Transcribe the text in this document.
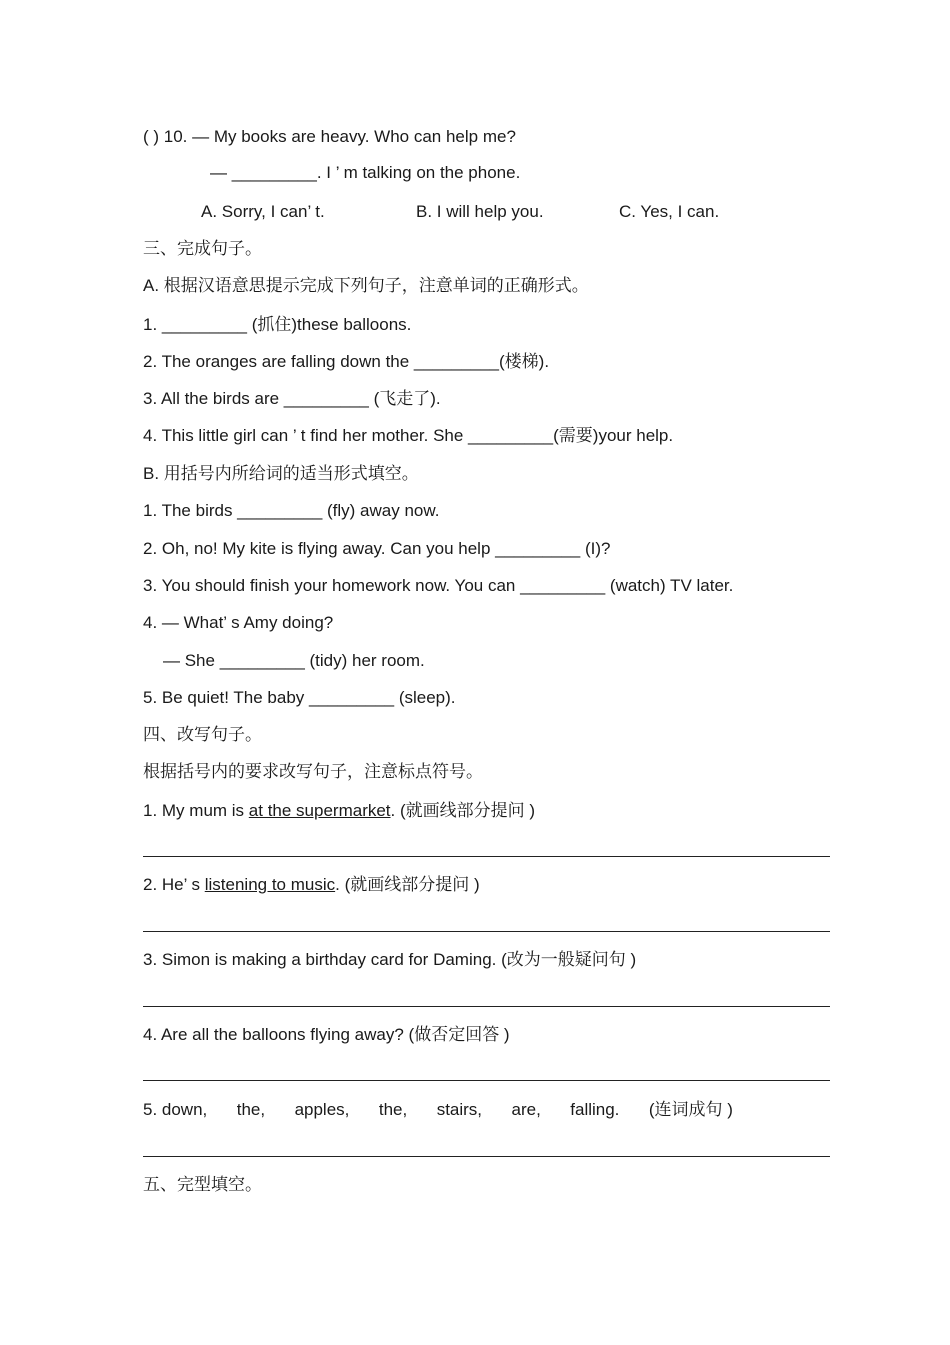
( ) 10. — My books are heavy. Who can help me?
— _________. I ’ m talking on the phone.
A. Sorry, I can’ t.	B. I will help you.	C. Yes, I can.
三、完成句子。
A. 根据汉语意思提示完成下列句子，注意单词的正确形式。
1. _________ (抓住)these balloons.
2. The oranges are falling down the _________(楼梯).
3. All the birds are _________ (飞走了).
4. This little girl can ’ t find her mother. She _________(需要)your help.
B. 用括号内所给词的适当形式填空。
1. The birds _________ (fly) away now.
2. Oh, no! My kite is flying away. Can you help _________ (I)?
3. You should finish your homework now. You can _________ (watch) TV later.
4. — What’ s Amy doing?
— She _________ (tidy) her room.
5. Be quiet! The baby _________ (sleep).
四、改写句子。
根据括号内的要求改写句子，注意标点符号。
1. My mum is at the supermarket. (就画线部分提问 )
2. He’ s listening to music. (就画线部分提问 )
3. Simon is making a birthday card for Daming. (改为一般疑问句 )
4. Are all the balloons flying away? (做否定回答 )
5. down, the, apples, the, stairs, are, falling. (连词成句 )
五、完型填空。
